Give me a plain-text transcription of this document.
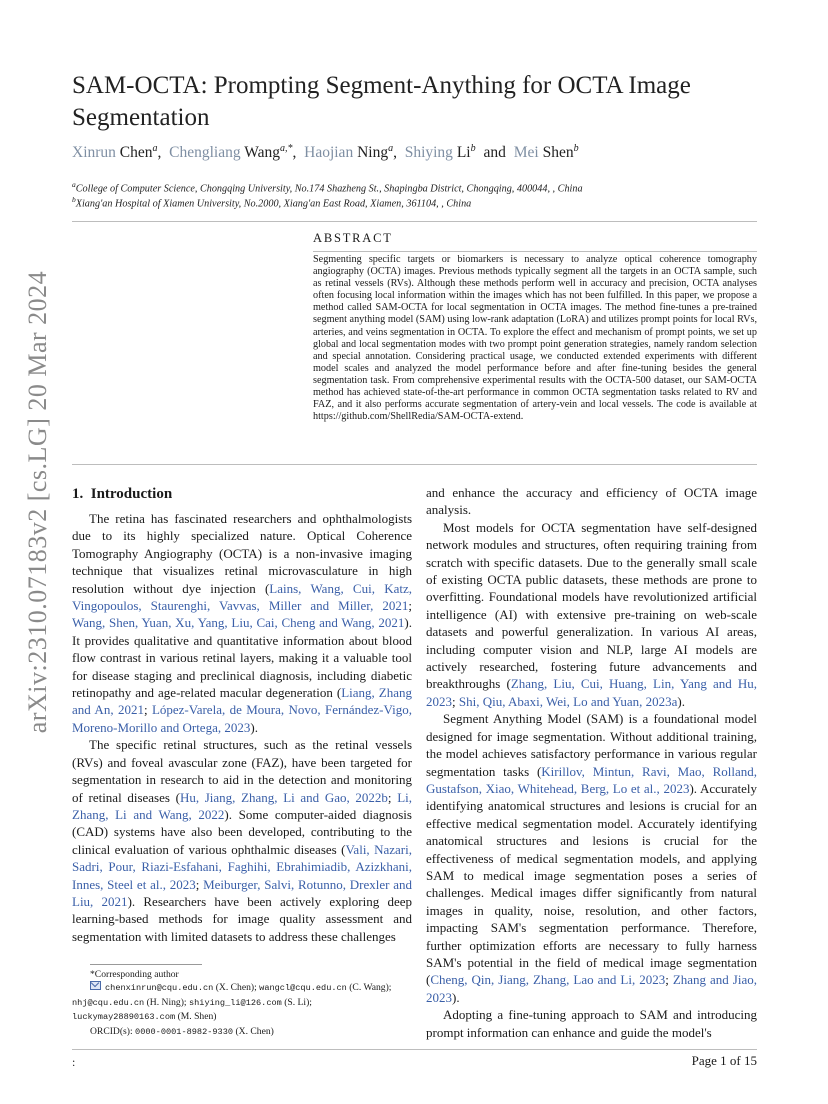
arXiv:2310.07183v2 [cs.LG] 20 Mar 2024
SAM-OCTA: Prompting Segment-Anything for OCTA Image Segmentation
Xinrun Chen$^a$,  Chengliang Wang$^{a,*}$,  Haojian Ning$^a$,  Shiying Li$^b$ and Mei Shen$^b$
$^a$College of Computer Science, Chongqing University, No.174 Shazheng St., Shapingba District, Chongqing, 400044, , China
$^b$Xiang'an Hospital of Xiamen University, No.2000, Xiang'an East Road, Xiamen, 361104, , China
ABSTRACT
Segmenting specific targets or biomarkers is necessary to analyze optical coherence tomography angiography (OCTA) images. Previous methods typically segment all the targets in an OCTA sample, such as retinal vessels (RVs). Although these methods perform well in accuracy and precision, OCTA analyses often focusing local information within the images which has not been fulfilled. In this paper, we propose a method called SAM-OCTA for local segmentation in OCTA images. The method fine-tunes a pre-trained segment anything model (SAM) using low-rank adaptation (LoRA) and utilizes prompt points for local RVs, arteries, and veins segmentation in OCTA. To explore the effect and mechanism of prompt points, we set up global and local segmentation modes with two prompt point generation strategies, namely random selection and special annotation. Considering practical usage, we conducted extended experiments with different model scales and analyzed the model performance before and after fine-tuning besides the general segmentation task. From comprehensive experimental results with the OCTA-500 dataset, our SAM-OCTA method has achieved state-of-the-art performance in common OCTA segmentation tasks related to RV and FAZ, and it also performs accurate segmentation of artery-vein and local vessels. The code is available at https://github.com/ShellRedia/SAM-OCTA-extend.
1. Introduction

The retina has fascinated researchers and ophthalmologists due to its highly specialized nature. Optical Coherence Tomography Angiography (OCTA) is a non-invasive imaging technique that visualizes retinal microvasculature in high resolution without dye injection (Lains, Wang, Cui, Katz, Vingopoulos, Staurenghi, Vavvas, Miller and Miller, 2021; Wang, Shen, Yuan, Xu, Yang, Liu, Cai, Cheng and Wang, 2021). It provides qualitative and quantitative information about blood flow contrast in various retinal layers, making it a valuable tool for disease staging and preclinical diagnosis, including diabetic retinopathy and age-related macular degeneration (Liang, Zhang and An, 2021; López-Varela, de Moura, Novo, Fernández-Vigo, Moreno-Morillo and Ortega, 2023).

The specific retinal structures, such as the retinal vessels (RVs) and foveal avascular zone (FAZ), have been targeted for segmentation in research to aid in the detection and monitoring of retinal diseases (Hu, Jiang, Zhang, Li and Gao, 2022b; Li, Zhang, Li and Wang, 2022). Some computer-aided diagnosis (CAD) systems have also been developed, contributing to the clinical evaluation of various ophthalmic diseases (Vali, Nazari, Sadri, Pour, Riazi-Esfahani, Faghihi, Ebrahimiadib, Azizkhani, Innes, Steel et al., 2023; Meiburger, Salvi, Rotunno, Drexler and Liu, 2021). Researchers have been actively exploring deep learning-based methods for image quality assessment and segmentation with limited datasets to address these challenges

and enhance the accuracy and efficiency of OCTA image analysis.

Most models for OCTA segmentation have self-designed network modules and structures, often requiring training from scratch with specific datasets. Due to the generally small scale of existing OCTA public datasets, these methods are prone to overfitting. Foundational models have revolutionized artificial intelligence (AI) with extensive pre-training on web-scale datasets and powerful generalization. In various AI areas, including computer vision and NLP, large AI models are actively researched, fostering future advancements and breakthroughs (Zhang, Liu, Cui, Huang, Lin, Yang and Hu, 2023; Shi, Qiu, Abaxi, Wei, Lo and Yuan, 2023a).

Segment Anything Model (SAM) is a foundational model designed for image segmentation. Without additional training, the model achieves satisfactory performance in various regular segmentation tasks (Kirillov, Mintun, Ravi, Mao, Rolland, Gustafson, Xiao, Whitehead, Berg, Lo et al., 2023). Accurately identifying anatomical structures and lesions is crucial for an effective medical segmentation model. Accurately identifying anatomical structures and lesions is crucial for the effectiveness of medical segmentation models, and applying SAM to medical image segmentation poses a series of challenges. Medical images differ significantly from natural images in quality, noise, resolution, and other factors, impacting SAM's segmentation performance. Therefore, further optimization efforts are necessary to fully harness SAM's potential in the field of medical image segmentation (Cheng, Qin, Jiang, Zhang, Lao and Li, 2023; Zhang and Jiao, 2023).

Adopting a fine-tuning approach to SAM and introducing prompt information can enhance and guide the model's

*Corresponding author
chenxinrun@cqu.edu.cn (X. Chen); wangcl@cqu.edu.cn (C. Wang);
nhj@cqu.edu.cn (H. Ning); shiying_li@126.com (S. Li);
luckymay28890163.com (M. Shen)
ORCID(s): 0000-0001-8982-9330 (X. Chen)
:	Page 1 of 15
